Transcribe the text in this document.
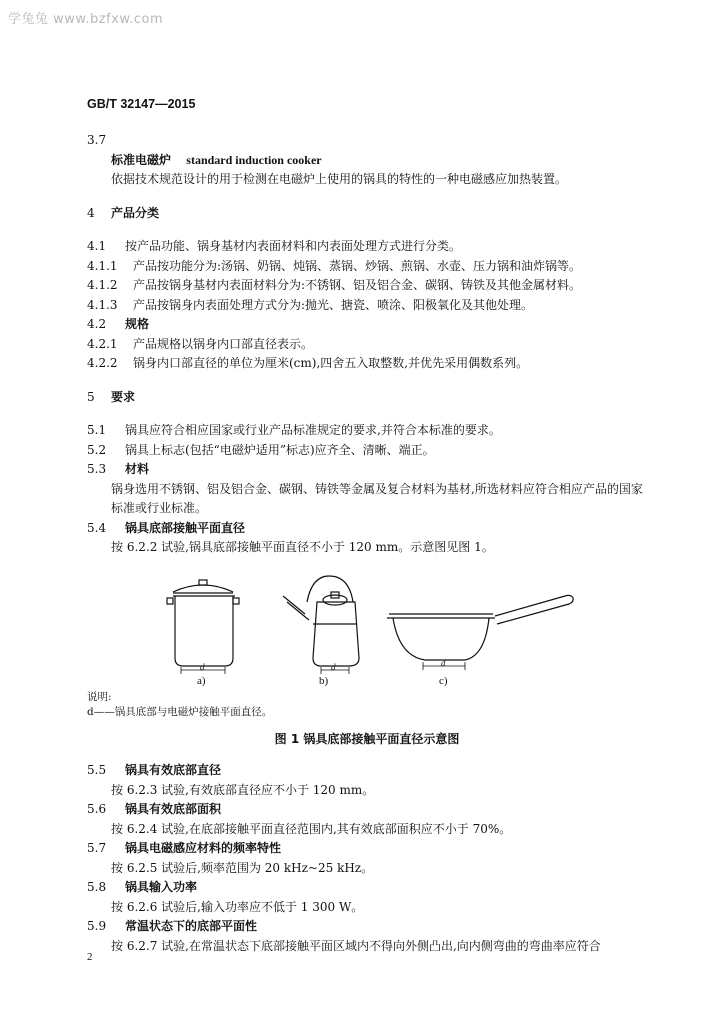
学兔兔 www.bzfxw.com
GB/T 32147—2015
3.7
标准电磁炉 standard induction cooker
依据技术规范设计的用于检测在电磁炉上使用的锅具的特性的一种电磁感应加热装置。
4 产品分类
4.1 按产品功能、锅身基材内表面材料和内表面处理方式进行分类。
4.1.1 产品按功能分为:汤锅、奶锅、炖锅、蒸锅、炒锅、煎锅、水壶、压力锅和油炸锅等。
4.1.2 产品按锅身基材内表面材料分为:不锈钢、铝及铝合金、碳钢、铸铁及其他金属材料。
4.1.3 产品按锅身内表面处理方式分为:抛光、搪瓷、喷涂、阳极氧化及其他处理。
4.2 规格
4.2.1 产品规格以锅身内口部直径表示。
4.2.2 锅身内口部直径的单位为厘米(cm),四舍五入取整数,并优先采用偶数系列。
5 要求
5.1 锅具应符合相应国家或行业产品标准规定的要求,并符合本标准的要求。
5.2 锅具上标志(包括“电磁炉适用”标志)应齐全、清晰、端正。
5.3 材料
锅身选用不锈钢、铝及铝合金、碳钢、铸铁等金属及复合材料为基材,所选材料应符合相应产品的国家标准或行业标准。
5.4 锅具底部接触平面直径
按 6.2.2 试验,锅具底部接触平面直径不小于 120 mm。示意图见图 1。
d	d	d
a)	b)	c)
说明:
d——锅具底部与电磁炉接触平面直径。
图 1 锅具底部接触平面直径示意图
5.5 锅具有效底部直径
按 6.2.3 试验,有效底部直径应不小于 120 mm。
5.6 锅具有效底部面积
按 6.2.4 试验,在底部接触平面直径范围内,其有效底部面积应不小于 70%。
5.7 锅具电磁感应材料的频率特性
按 6.2.5 试验后,频率范围为 20 kHz~25 kHz。
5.8 锅具输入功率
按 6.2.6 试验后,输入功率应不低于 1 300 W。
5.9 常温状态下的底部平面性
按 6.2.7 试验,在常温状态下底部接触平面区域内不得向外侧凸出,向内侧弯曲的弯曲率应符合
2
